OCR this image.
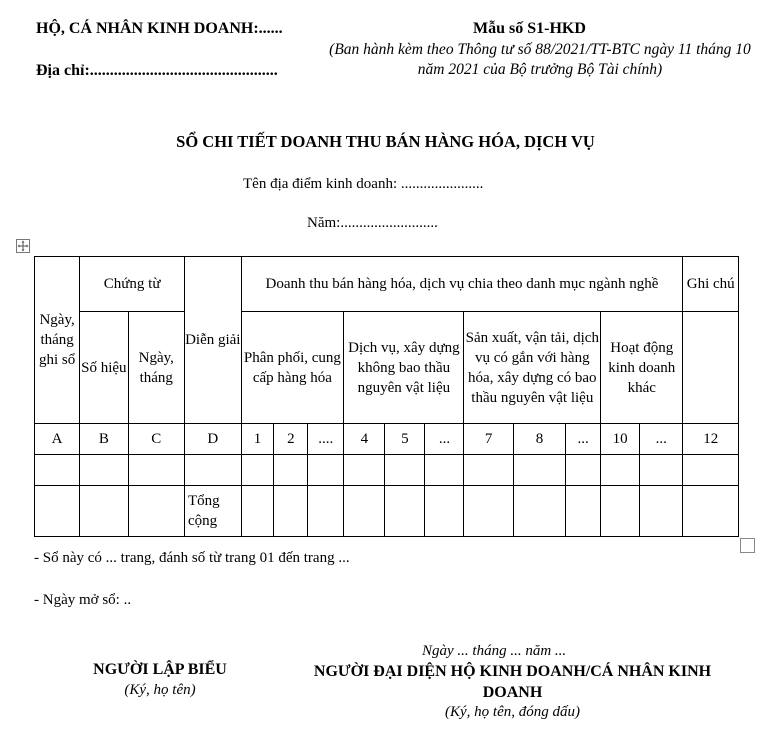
HỘ, CÁ NHÂN KINH DOANH:......
Địa chỉ:...............................................
Mẫu số S1-HKD
(Ban hành kèm theo Thông tư số 88/2021/TT-BTC ngày 11 tháng 10 năm 2021 của Bộ trưởng Bộ Tài chính)
SỔ CHI TIẾT DOANH THU BÁN HÀNG HÓA, DỊCH VỤ
Tên địa điểm kinh doanh: ......................
Năm:..........................
Ngày, tháng ghi sổ	Chứng từ		Diễn giải	Doanh thu bán hàng hóa, dịch vụ chia theo danh mục ngành nghề											Ghi chú
	Số hiệu	Ngày, tháng		Phân phối, cung cấp hàng hóa			Dịch vụ, xây dựng không bao thầu nguyên vật liệu			Sản xuất, vận tải, dịch vụ có gắn với hàng hóa, xây dựng có bao thầu nguyên vật liệu			Hoạt động kinh doanh khác		
A	B	C	D	1	2	....	4	5	...	7	8	...	10	...	12

			Tổng cộng												
- Sổ này có ... trang, đánh số từ trang 01 đến trang ...
- Ngày mở sổ: ..
Ngày ... tháng ... năm ...
NGƯỜI LẬP BIỂU
(Ký, họ tên)
NGƯỜI ĐẠI DIỆN HỘ KINH DOANH/CÁ NHÂN KINH DOANH
(Ký, họ tên, đóng dấu)
